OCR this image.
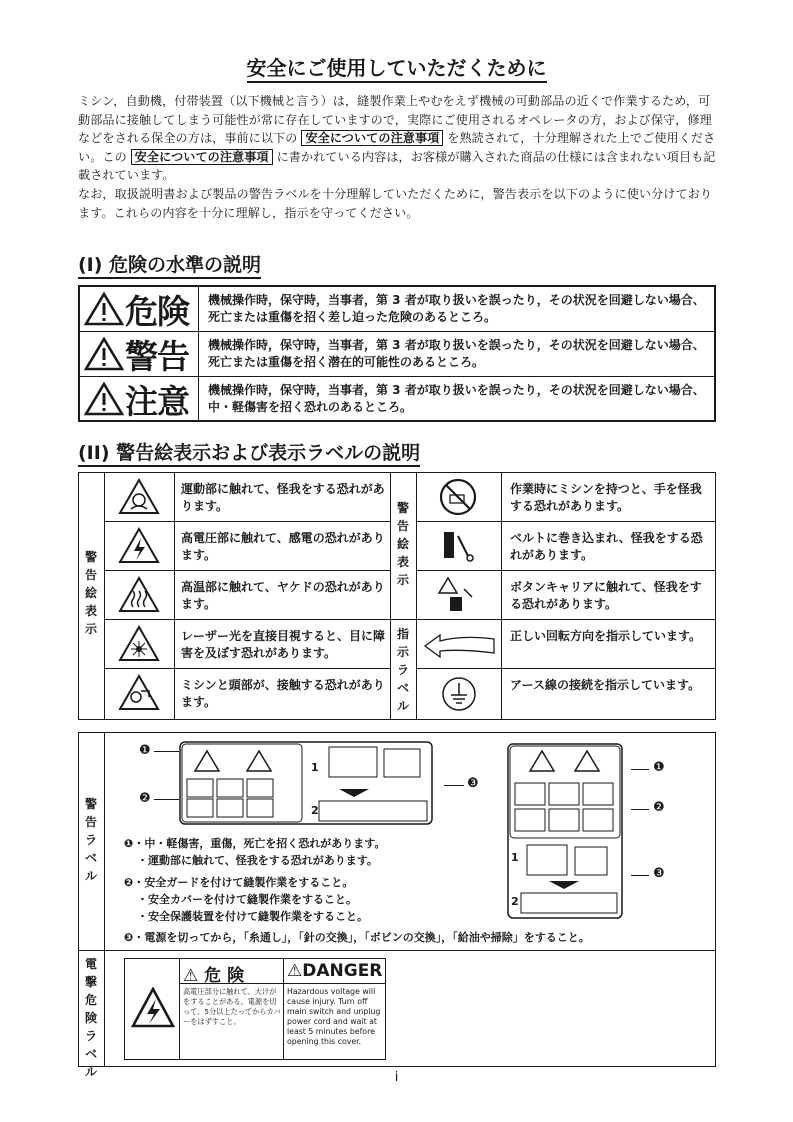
安全にご使用していただくために
ミシン，自動機，付帯装置（以下機械と言う）は，縫製作業上やむをえず機械の可動部品の近くで作業するため，可動部品に接触してしまう可能性が常に存在していますので，実際にご使用されるオペレータの方，および保守，修理などをされる保全の方は，事前に以下の 安全についての注意事項 を熟読されて，十分理解された上でご使用ください。この 安全についての注意事項 に書かれている内容は，お客様が購入された商品の仕様には含まれない項目も記載されています。
なお，取扱説明書および製品の警告ラベルを十分理解していただくために，警告表示を以下のように使い分けております。これらの内容を十分に理解し，指示を守ってください。
(I) 危険の水準の説明
危険 機械操作時，保守時，当事者，第 3 者が取り扱いを誤ったり，その状況を回避しない場合、死亡または重傷を招く差し迫った危険のあるところ。
警告 機械操作時，保守時，当事者，第 3 者が取り扱いを誤ったり，その状況を回避しない場合、死亡または重傷を招く潜在的可能性のあるところ。
注意 機械操作時，保守時，当事者，第 3 者が取り扱いを誤ったり，その状況を回避しない場合、中・軽傷害を招く恐れのあるところ。
(II) 警告絵表示および表示ラベルの説明
警告絵表示
警告絵表示
指示ラベル
運動部に触れて、怪我をする恐れがあります。
高電圧部に触れて、感電の恐れがあります。
高温部に触れて、ヤケドの恐れがあります。
レーザー光を直接目視すると、目に障害を及ぼす恐れがあります。
ミシンと頭部が、接触する恐れがあります。
作業時にミシンを持つと、手を怪我する恐れがあります。
ベルトに巻き込まれ、怪我をする恐れがあります。
ボタンキャリアに触れて、怪我をする恐れがあります。
正しい回転方向を指示しています。
アース線の接続を指示しています。
警告ラベル
電撃危険ラベル
❶
❷
1
2
❸
1
2
❶
❷
❸
❶・中・軽傷害，重傷，死亡を招く恐れがあります。
・運動部に触れて、怪我をする恐れがあります。
❷・安全ガードを付けて縫製作業をすること。
・安全カバーを付けて縫製作業をすること。
・安全保護装置を付けて縫製作業をすること。
❸・電源を切ってから，「糸通し」，「針の交換」，「ボビンの交換」，「給油や掃除」をすること。
⚠ 危 険	⚠DANGER
高電圧部分に触れて、大けがをすることがある。電源を切って、5分以上たってからカバーをはずすこと。
Hazardous voltage will cause injury. Turn off main switch and unplug power cord and wait at least 5 minutes before opening this cover.
i
